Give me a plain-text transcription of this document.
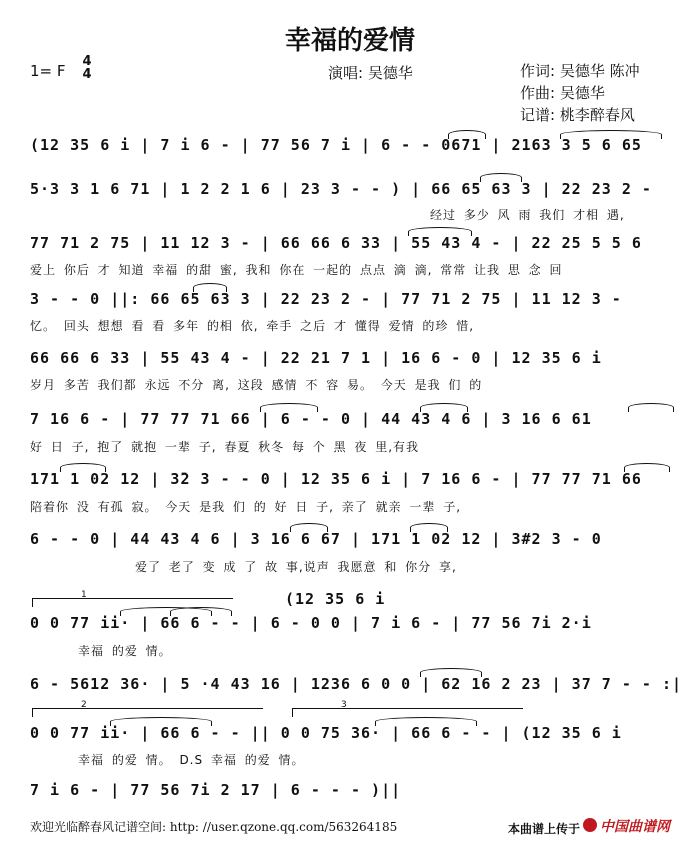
幸福的爱情
1= F
4
4	演唱: 吴德华	作词: 吴德华 陈冲
作曲: 吴德华
记谱: 桃李醉春风
(12 35 6 i | 7 i 6 - | 77 56 7 i | 6 - - 0671 | 2163 3 5 6 65
5·3 3 1 6 71 | 1 2 2 1 6 | 23 3 - - ) | 66 65 63 3 | 22 23 2 -
经过 多少 风 雨 我们 才相 遇,
77 71 2 75 | 11 12 3 - | 66 66 6 33 | 55 43 4 - | 22 25 5 5 6
爱上 你后 才 知道 幸福 的甜 蜜, 我和 你在 一起的 点点 滴 滴, 常常 让我 思 念 回
3 - - 0 ||: 66 65 63 3 | 22 23 2 - | 77 71 2 75 | 11 12 3 -
忆。 回头 想想 看 看 多年 的相 依, 牵手 之后 才 懂得 爱情 的珍 惜,
66 66 6 33 | 55 43 4 - | 22 21 7 1 | 16 6 - 0 | 12 35 6 i
岁月 多苦 我们都 永远 不分 离, 这段 感情 不 容 易。 今天 是我 们 的
7 16 6 - | 77 77 71 66 | 6 - - 0 | 44 43 4 6 | 3 16 6 61
好 日 子, 抱了 就抱 一辈 子, 春夏 秋冬 每 个 黑 夜 里,有我
171 1 02 12 | 3̄2 3 - - 0 | 12 35 6 i | 7 16 6 - | 77 77 71 66
陪着你 没 有孤 寂。 今天 是我 们 的 好 日 子, 亲了 就亲 一辈 子,
6 - - 0 | 44 43 4 6 | 3 16 6 67 | 171 1 02 12 | 3#2 3 - 0
爱了 老了 变 成 了 故 事,说声 我愿意 和 你分 享,
1	(12 35 6 i
0 0 77 ii· | 66 6 - - | 6 - 0 0 | 7 i 6 - | 77 56 7i 2·i
幸福 的爱 情。
6 - 5612 36· | 5 ·4 43 16 | 1236 6 0 0 | 62 16 2 23 | 37 7 - - :|
2	3
0 0 77 ii· | 66 6 - - || 0 0 75 36· | 66 6 - - | (12 35 6 i
幸福 的爱 情。 D.S 幸福 的爱 情。
7 i 6 - | 77 56 7i 2 17 | 6 - - - )||
欢迎光临醉春风记谱空间: http: //user.qzone.qq.com/563264185	本曲谱上传于 中国曲谱网
